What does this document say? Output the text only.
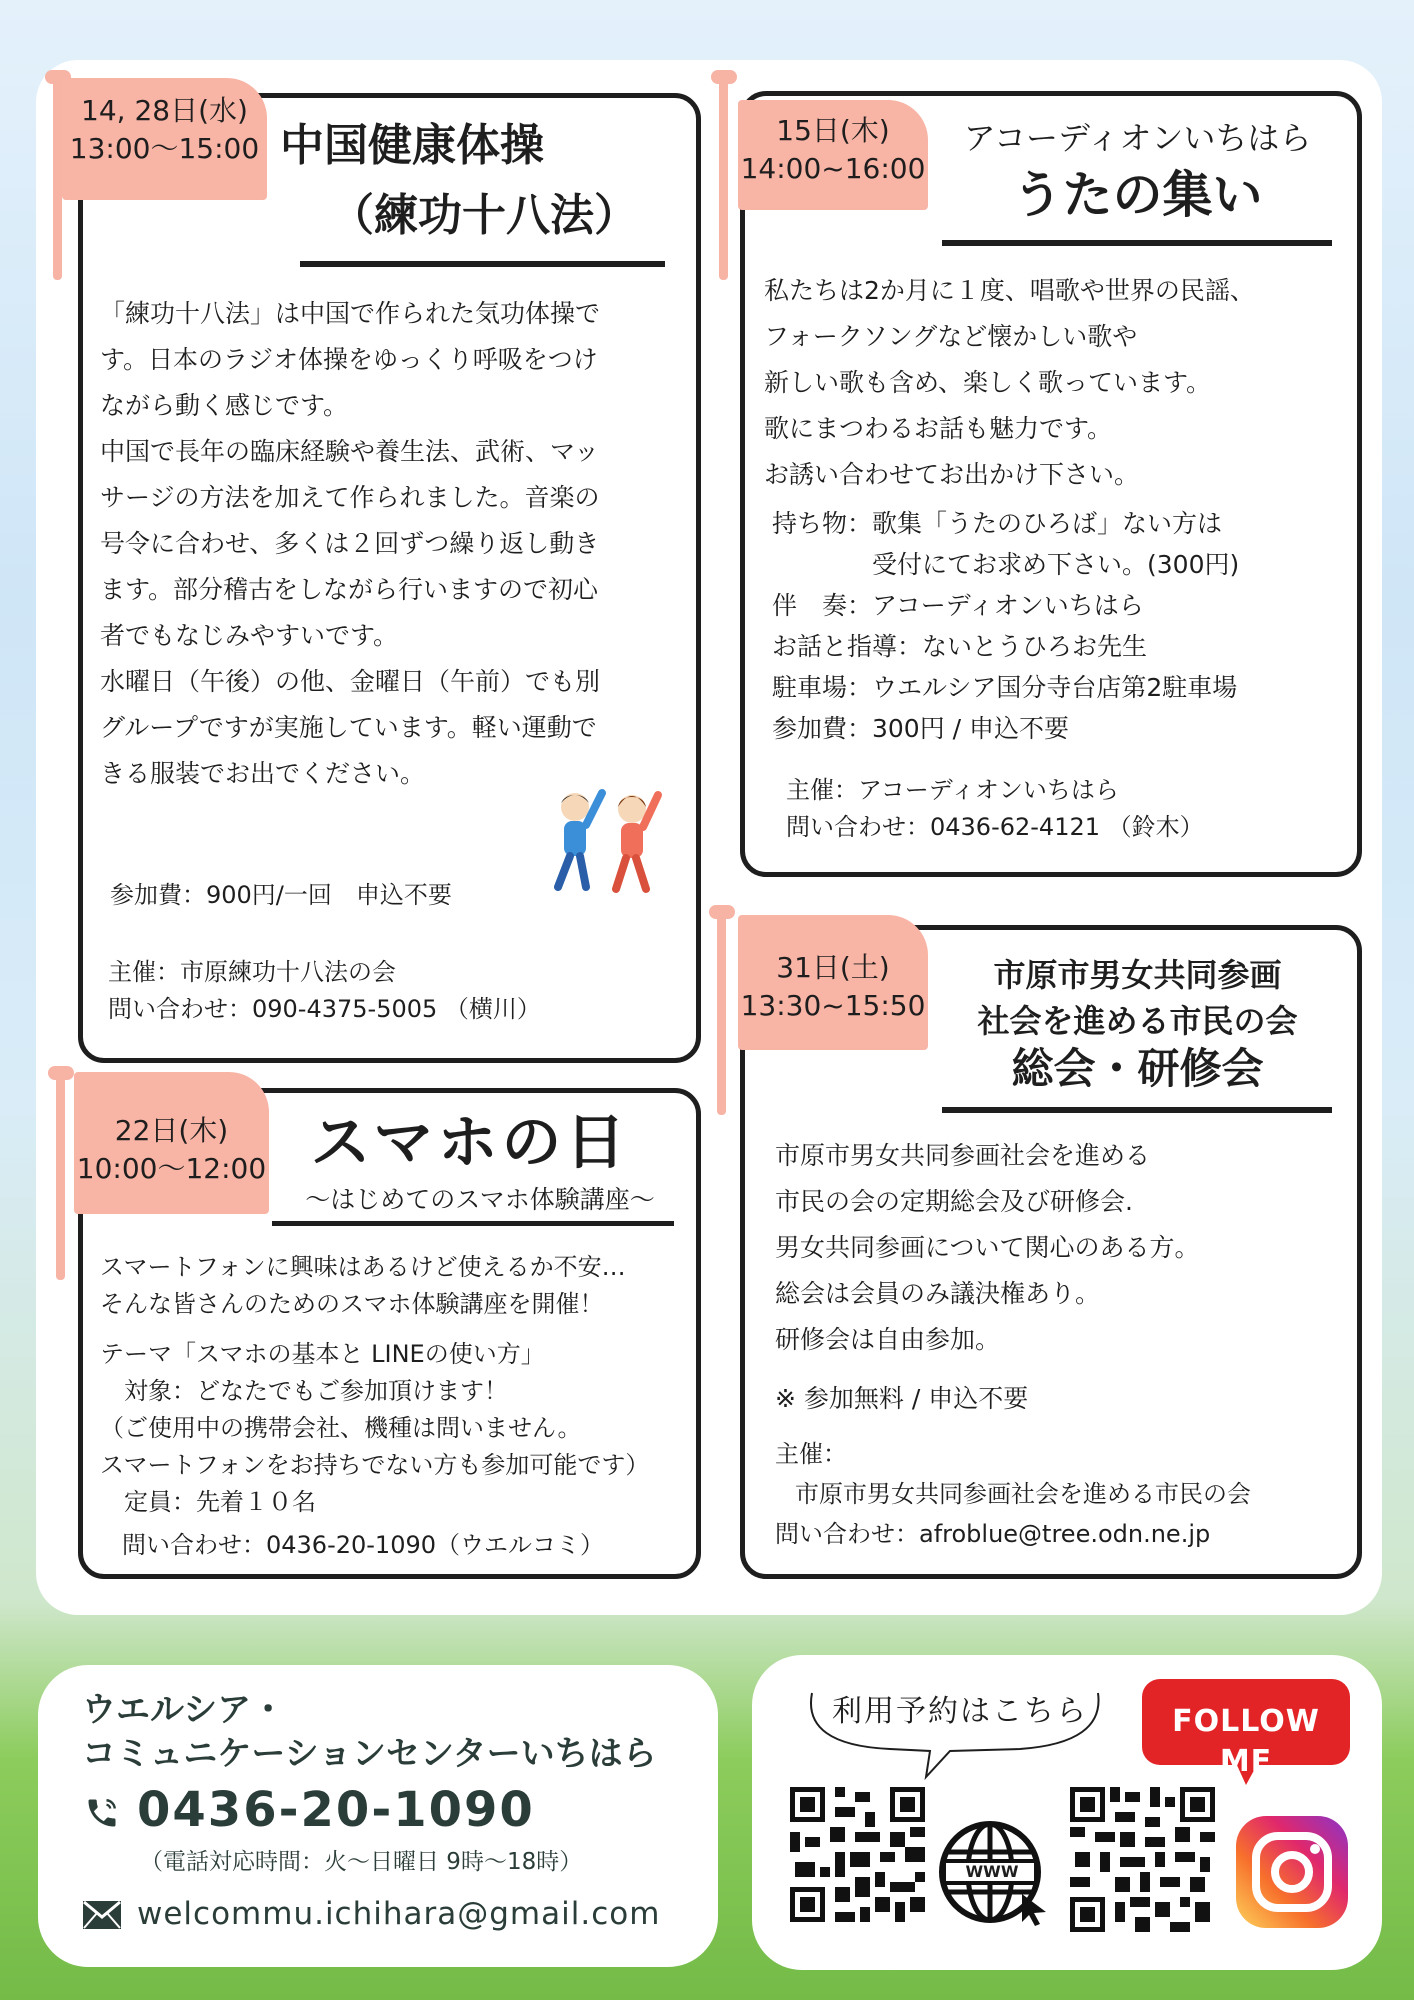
14, 28日(水)
13:00〜15:00 中国健康体操
（練功十八法）
「練功十八法」は中国で作られた気功体操で
す。日本のラジオ体操をゆっくり呼吸をつけ
ながら動く感じです。
中国で長年の臨床経験や養生法、武術、マッ
サージの方法を加えて作られました。音楽の
号令に合わせ、多くは２回ずつ繰り返し動き
ます。部分稽古をしながら行いますので初心
者でもなじみやすいです。
水曜日（午後）の他、金曜日（午前）でも別
グループですが実施しています。軽い運動で
きる服装でお出でください。
参加費：900円/一回　申込不要
主催：市原練功十八法の会
問い合わせ：090-4375-5005 （横川）
15日(木)
14:00~16:00
アコーディオンいちはら
うたの集い
私たちは2か月に１度、唱歌や世界の民謡、
フォークソングなど懐かしい歌や
新しい歌も含め、楽しく歌っています。
歌にまつわるお話も魅力です。
お誘い合わせてお出かけ下さい。
持ち物：歌集「うたのひろば」ない方は
　　　　受付にてお求め下さい。(300円)
伴　奏：アコーディオンいちはら
お話と指導：ないとうひろお先生
駐車場：ウエルシア国分寺台店第2駐車場
参加費：300円 / 申込不要
主催：アコーディオンいちはら
問い合わせ：0436-62-4121 （鈴木）
22日(木)
10:00〜12:00 スマホの日
〜はじめてのスマホ体験講座〜
スマートフォンに興味はあるけど使えるか不安…
そんな皆さんのためのスマホ体験講座を開催！
テーマ「スマホの基本と LINEの使い方」
　対象：どなたでもご参加頂けます！
（ご使用中の携帯会社、機種は問いません。
スマートフォンをお持ちでない方も参加可能です）
　定員：先着１０名
問い合わせ：0436-20-1090（ウエルコミ）
31日(土)
13:30~15:50
市原市男女共同参画
社会を進める市民の会
総会・研修会
市原市男女共同参画社会を進める
市民の会の定期総会及び研修会.
男女共同参画について関心のある方。
総会は会員のみ議決権あり。
研修会は自由参加。
※ 参加無料 / 申込不要
主催：
市原市男女共同参画社会を進める市民の会
問い合わせ：afroblue@tree.odn.ne.jp
ウエルシア・
コミュニケーションセンターいちはら
0436-20-1090
（電話対応時間：火〜日曜日 9時〜18時）
welcommu.ichihara@gmail.com
利用予約はこちら
WWW
FOLLOW ME
